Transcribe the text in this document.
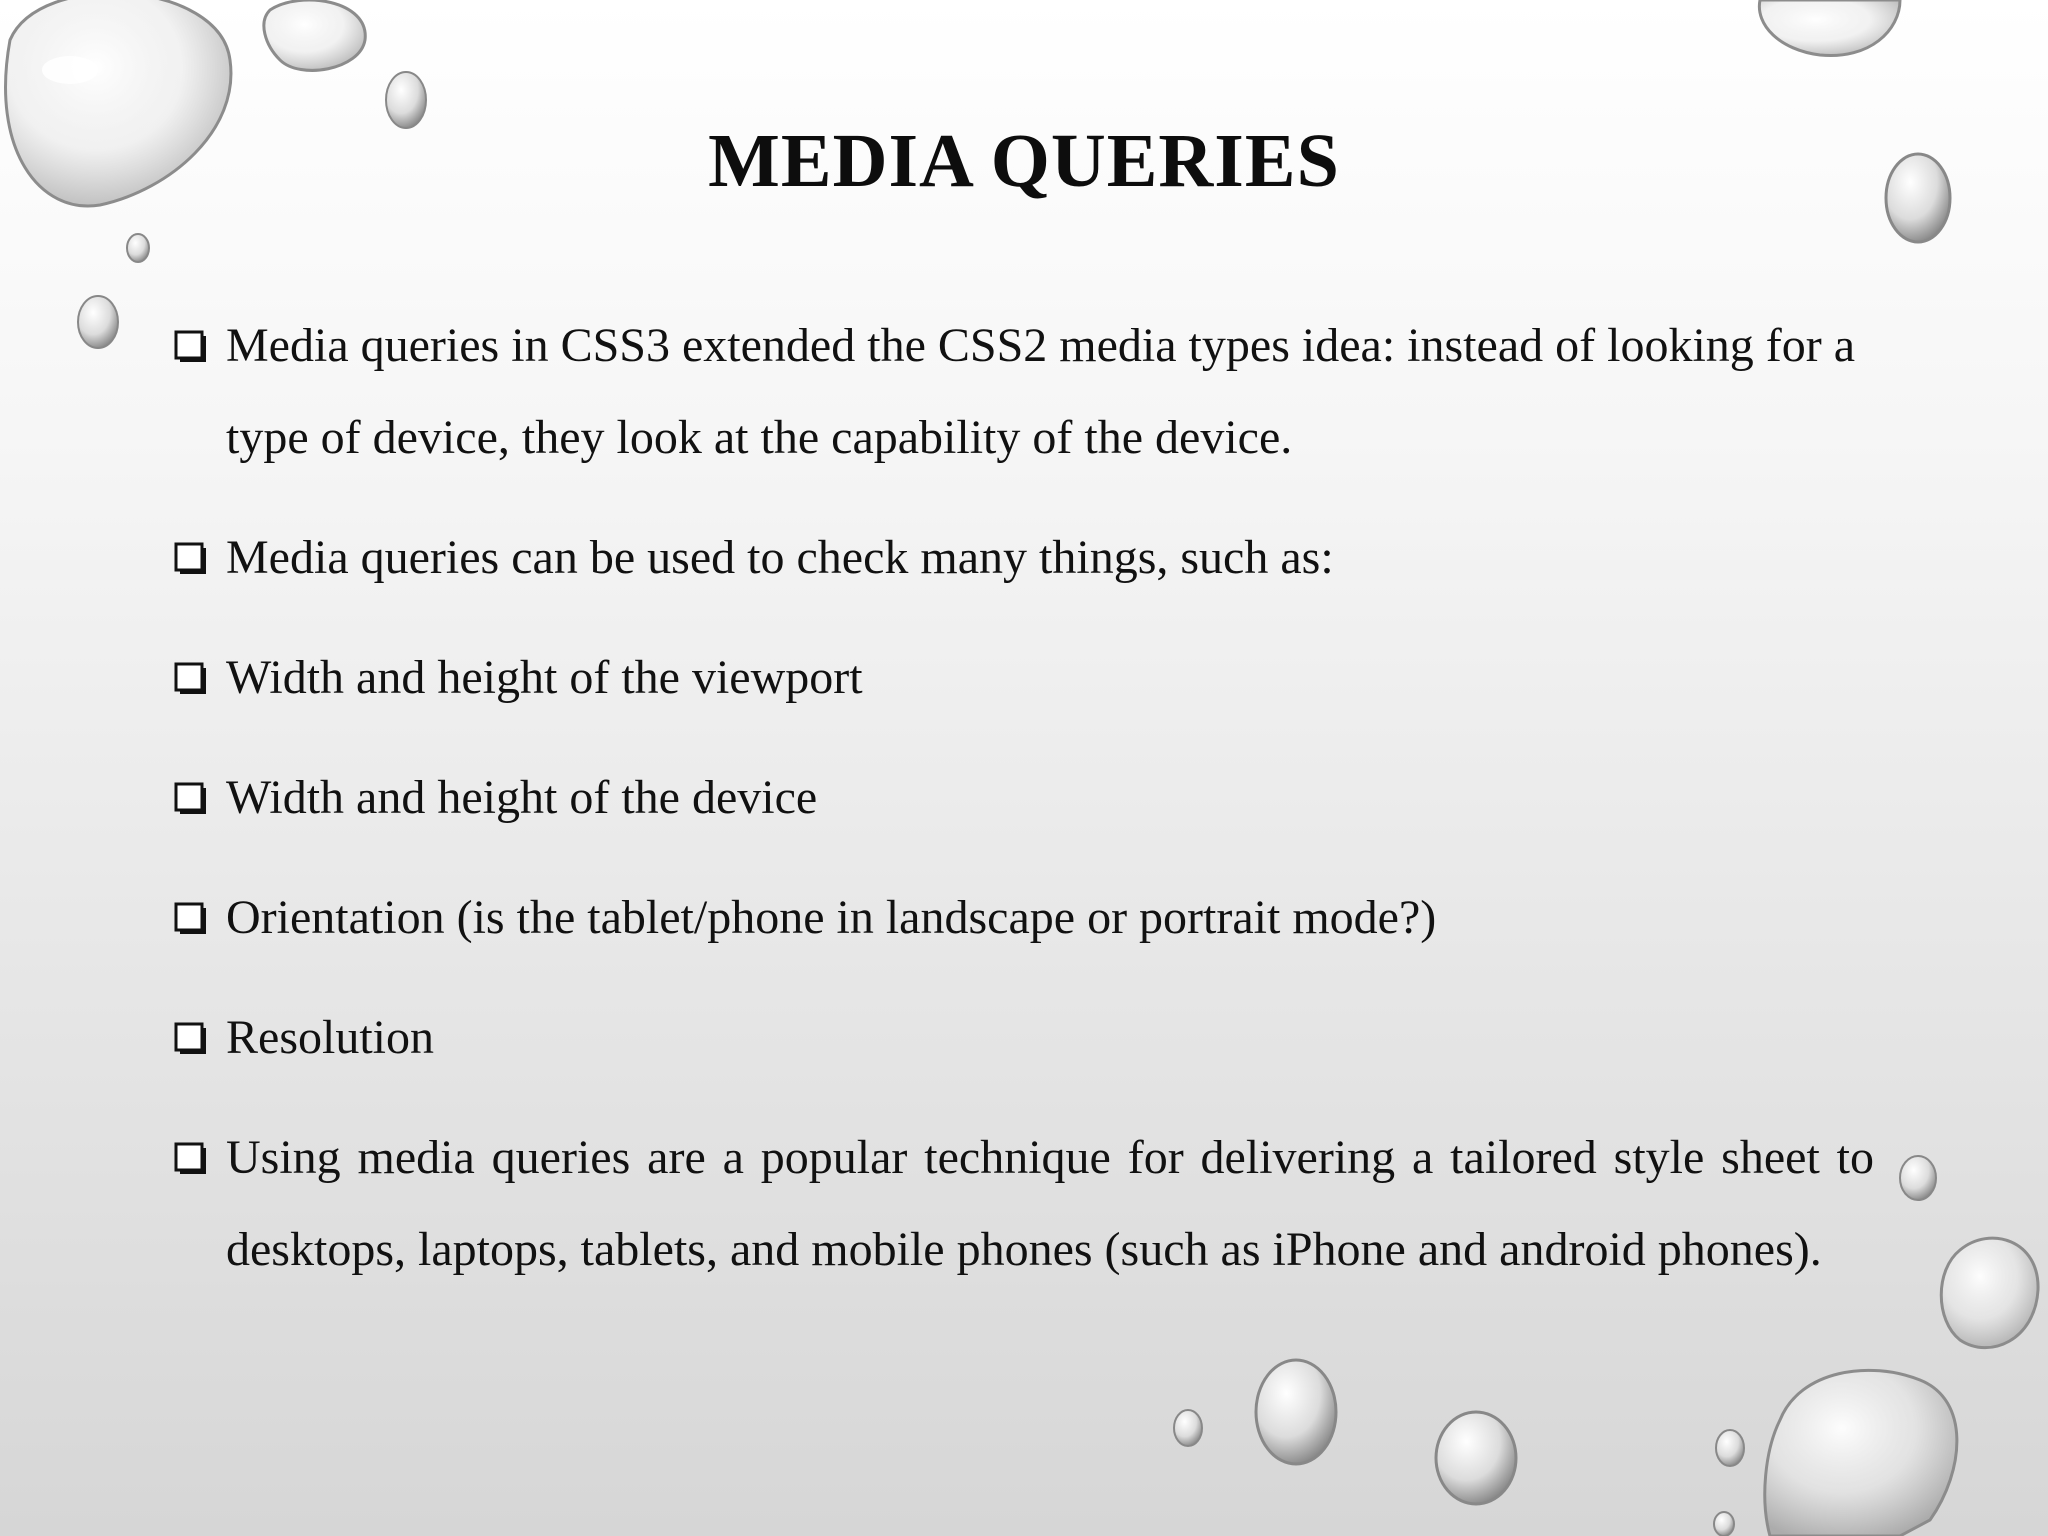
MEDIA QUERIES
Media queries in CSS3 extended the CSS2 media types idea: instead of looking for a type of device, they look at the capability of the device.
Media queries can be used to check many things, such as:
Width and height of the viewport
Width and height of the device
Orientation (is the tablet/phone in landscape or portrait mode?)
Resolution
Using media queries are a popular technique for delivering a tailored style sheet to desktops, laptops, tablets, and mobile phones (such as iPhone and android phones).
